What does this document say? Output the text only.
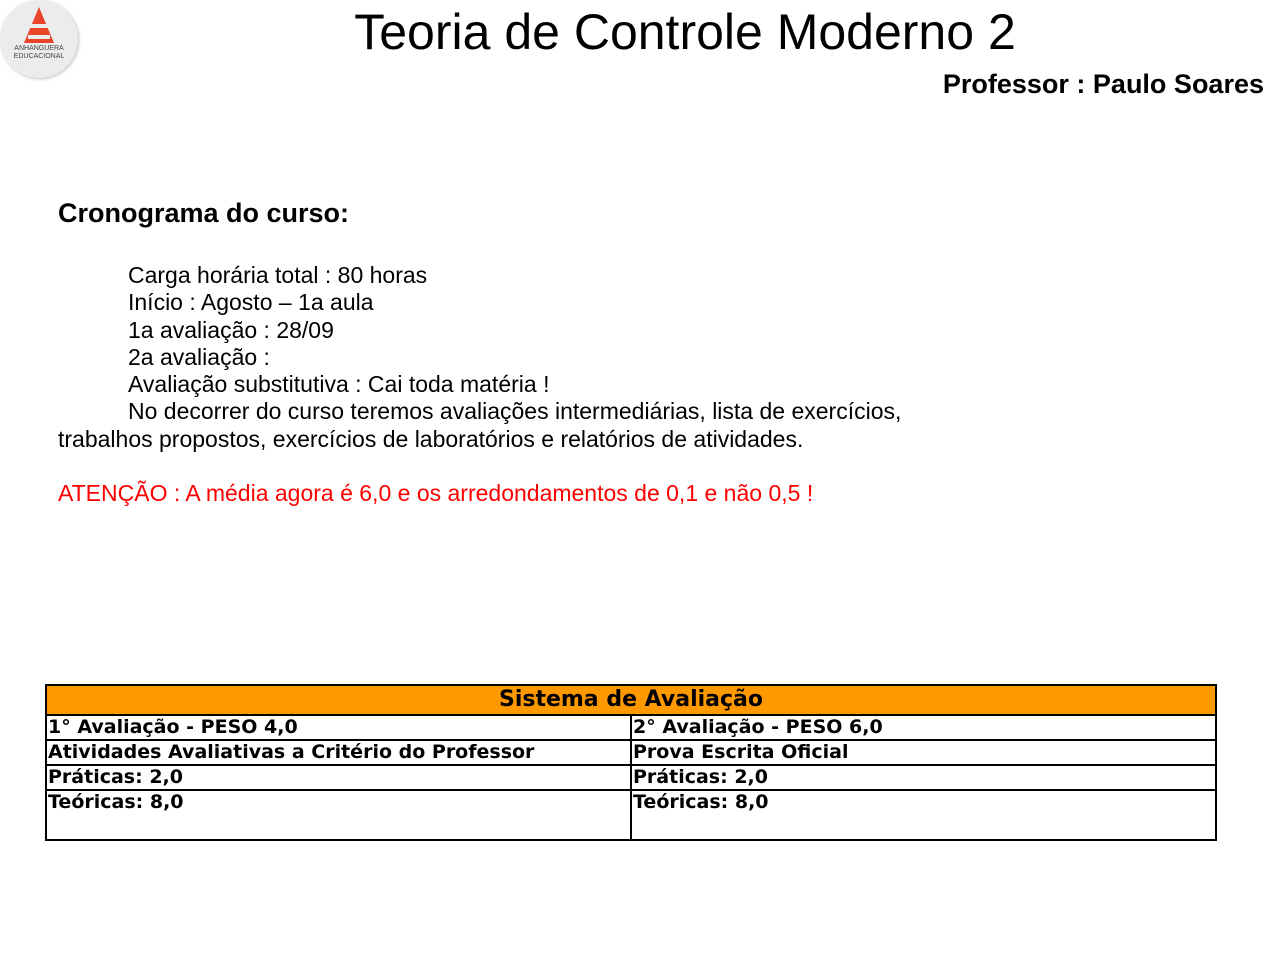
ANHANGUERA EDUCACIONAL	Teoria de Controle Moderno 2
Professor : Paulo Soares
Cronograma do curso:
Carga horária total : 80 horas
Início : Agosto – 1a aula
1a avaliação : 28/09
2a avaliação :
Avaliação substitutiva : Cai toda matéria !
No decorrer do curso teremos avaliações intermediárias, lista de exercícios,
trabalhos propostos, exercícios de laboratórios e relatórios de atividades.

ATENÇÃO : A média agora é 6,0 e os arredondamentos de 0,1 e não 0,5 !
Sistema de Avaliação	
1° Avaliação - PESO 4,0	2° Avaliação - PESO 6,0
Atividades Avaliativas a Critério do Professor	Prova Escrita Oficial
Práticas: 2,0	Práticas: 2,0
Teóricas: 8,0	Teóricas: 8,0
